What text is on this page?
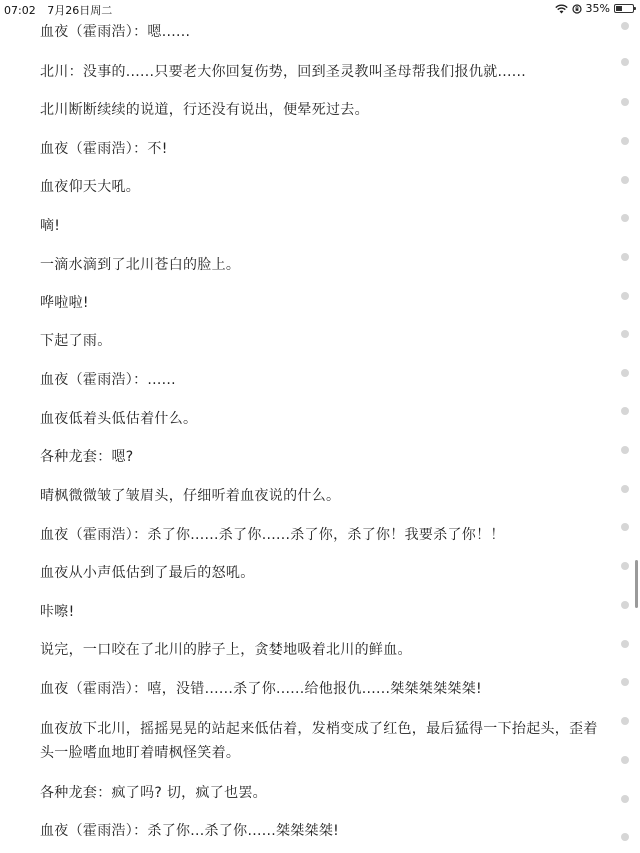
07:02 7月26日周二	35%
血夜（霍雨浩）：嗯......
北川：没事的......只要老大你回复伤势，回到圣灵教叫圣母帮我们报仇就......
北川断断续续的说道，行还没有说出，便晕死过去。
血夜（霍雨浩）：不!
血夜仰天大吼。
嘀!
一滴水滴到了北川苍白的脸上。
哗啦啦!
下起了雨。
血夜（霍雨浩）：......
血夜低着头低估着什么。
各种龙套：嗯?
晴枫微微皱了皱眉头，仔细听着血夜说的什么。
血夜（霍雨浩）：杀了你......杀了你......杀了你，杀了你！我要杀了你！！
血夜从小声低估到了最后的怒吼。
咔嚓!
说完，一口咬在了北川的脖子上，贪婪地吸着北川的鲜血。
血夜（霍雨浩）：嘻，没错......杀了你......给他报仇......桀桀桀桀桀桀!
血夜放下北川，摇摇晃晃的站起来低估着，发梢变成了红色，最后猛得一下抬起头，歪着头一脸嗜血地盯着晴枫怪笑着。
各种龙套：疯了吗? 切，疯了也罢。
血夜（霍雨浩）：杀了你...杀了你......桀桀桀桀!
